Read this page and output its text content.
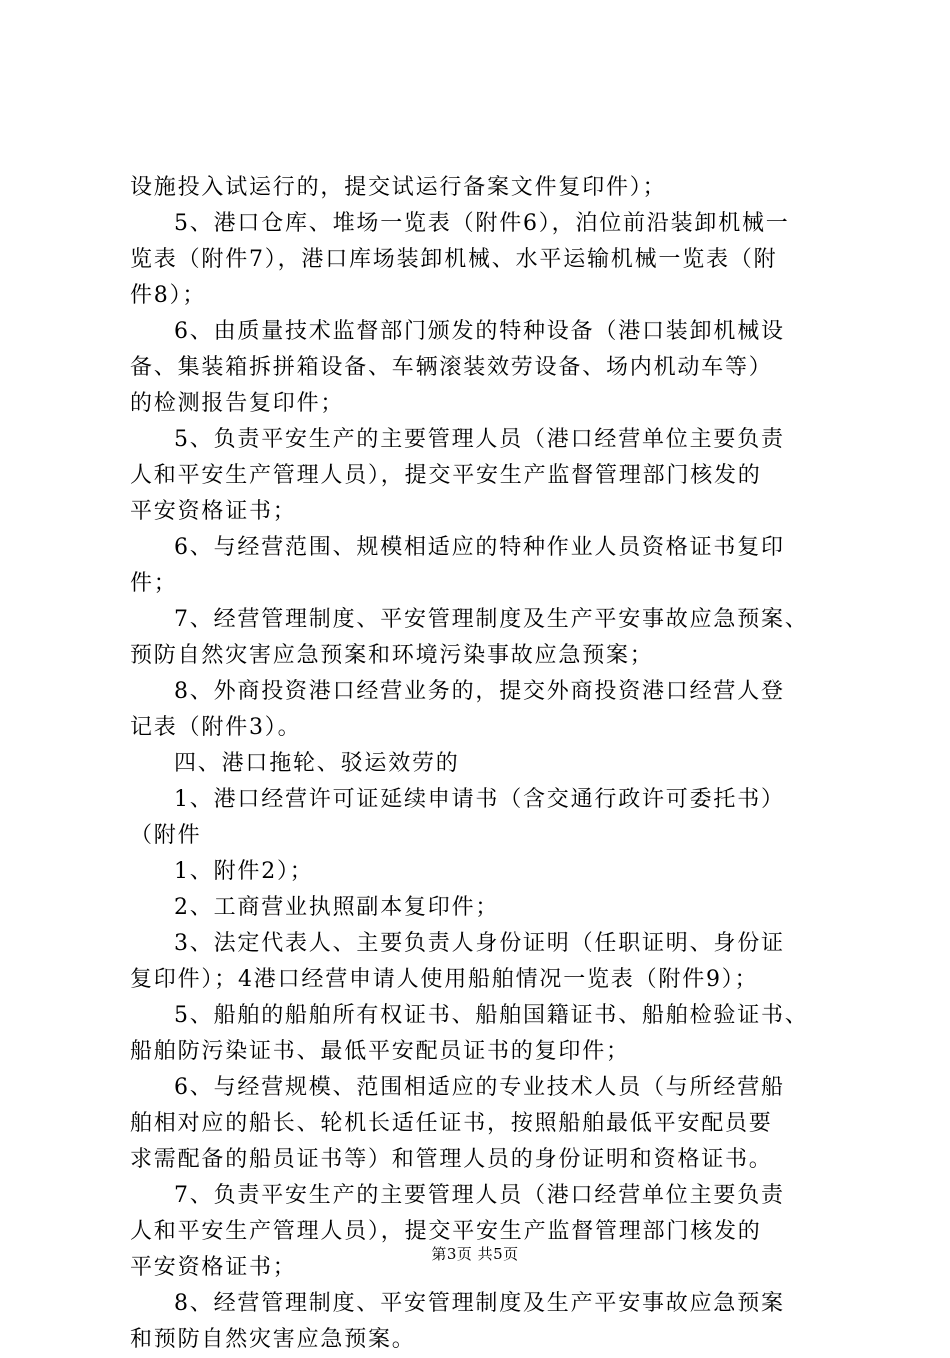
设施投入试运行的，提交试运行备案文件复印件）；
5、港口仓库、堆场一览表（附件6），泊位前沿装卸机械一
览表（附件7），港口库场装卸机械、水平运输机械一览表（附
件8）；
6、由质量技术监督部门颁发的特种设备（港口装卸机械设
备、集装箱拆拼箱设备、车辆滚装效劳设备、场内机动车等）
的检测报告复印件；
5、负责平安生产的主要管理人员（港口经营单位主要负责
人和平安生产管理人员），提交平安生产监督管理部门核发的
平安资格证书；
6、与经营范围、规模相适应的特种作业人员资格证书复印
件；
7、经营管理制度、平安管理制度及生产平安事故应急预案、
预防自然灾害应急预案和环境污染事故应急预案；
8、外商投资港口经营业务的，提交外商投资港口经营人登
记表（附件3）。
四、港口拖轮、驳运效劳的
1、港口经营许可证延续申请书（含交通行政许可委托书）
（附件
1、附件2）；
2、工商营业执照副本复印件；
3、法定代表人、主要负责人身份证明（任职证明、身份证
复印件）；4港口经营申请人使用船舶情况一览表（附件9）；
5、船舶的船舶所有权证书、船舶国籍证书、船舶检验证书、
船舶防污染证书、最低平安配员证书的复印件；
6、与经营规模、范围相适应的专业技术人员（与所经营船
舶相对应的船长、轮机长适任证书，按照船舶最低平安配员要
求需配备的船员证书等）和管理人员的身份证明和资格证书。
7、负责平安生产的主要管理人员（港口经营单位主要负责
人和平安生产管理人员），提交平安生产监督管理部门核发的
平安资格证书；
8、经营管理制度、平安管理制度及生产平安事故应急预案
和预防自然灾害应急预案。
第3页 共5页
